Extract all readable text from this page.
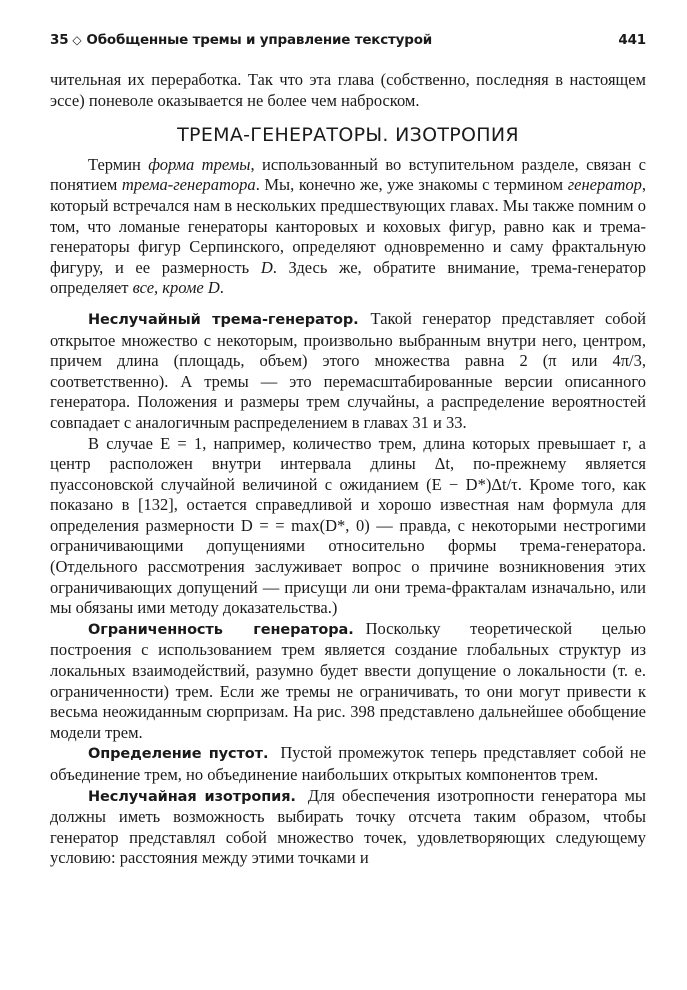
35 ◇ Обобщенные тремы и управление текстурой	441

чительная их переработка. Так что эта глава (собственно, последняя в настоящем эссе) поневоле оказывается не более чем наброском.

ТРЕМА-ГЕНЕРАТОРЫ. ИЗОТРОПИЯ

Термин форма тремы, использованный во вступительном разделе, связан с понятием трема-генератора. Мы, конечно же, уже знакомы с термином генератор, который встречался нам в нескольких предшествующих главах. Мы также помним о том, что ломаные генераторы канторовых и коховых фигур, равно как и трема-генераторы фигур Серпинского, определяют одновременно и саму фрактальную фигуру, и ее размерность D. Здесь же, обратите внимание, трема-генератор определяет все, кроме D.

Неслучайный трема-генератор. Такой генератор представляет собой открытое множество с некоторым, произвольно выбранным внутри него, центром, причем длина (площадь, объем) этого множества равна 2 (π или 4π/3, соответственно). А тремы — это перемасштабированные версии описанного генератора. Положения и размеры трем случайны, а распределение вероятностей совпадает с аналогичным распределением в главах 31 и 33.

В случае E = 1, например, количество трем, длина которых превышает r, а центр расположен внутри интервала длины Δt, по-прежнему является пуассоновской случайной величиной с ожиданием (E − D*)Δt/τ. Кроме того, как показано в [132], остается справедливой и хорошо известная нам формула для определения размерности D = = max(D*, 0) — правда, с некоторыми нестрогими ограничивающими допущениями относительно формы трема-генератора. (Отдельного рассмотрения заслуживает вопрос о причине возникновения этих ограничивающих допущений — присущи ли они трема-фракталам изначально, или мы обязаны ими методу доказательства.)

Ограниченность генератора. Поскольку теоретической целью построения с использованием трем является создание глобальных структур из локальных взаимодействий, разумно будет ввести допущение о локальности (т. е. ограниченности) трем. Если же тремы не ограничивать, то они могут привести к весьма неожиданным сюрпризам. На рис. 398 представлено дальнейшее обобщение модели трем.

Определение пустот. Пустой промежуток теперь представляет собой не объединение трем, но объединение наибольших открытых компонентов трем.

Неслучайная изотропия. Для обеспечения изотропности генератора мы должны иметь возможность выбирать точку отсчета таким образом, чтобы генератор представлял собой множество точек, удовлетворяющих следующему условию: расстояния между этими точками и
